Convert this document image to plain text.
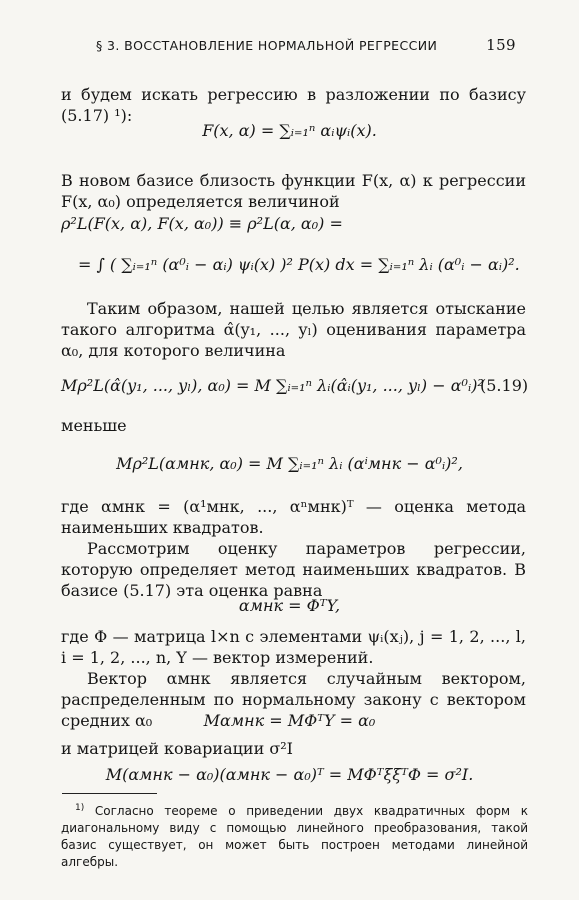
§ 3. ВОССТАНОВЛЕНИЕ НОРМАЛЬНОЙ РЕГРЕССИИ	159
и будем искать регрессию в разложении по базису (5.17) ¹):
F(x, α) = ∑ᵢ₌₁ⁿ αᵢψᵢ(x).
В новом базисе близость функции F(x, α) к регрессии F(x, α₀) определяется величиной
ρ²L(F(x, α), F(x, α₀)) ≡ ρ²L(α, α₀) =
= ∫ ( ∑ᵢ₌₁ⁿ (α⁰ᵢ − αᵢ) ψᵢ(x) )² P(x) dx = ∑ᵢ₌₁ⁿ λᵢ (α⁰ᵢ − αᵢ)².
Таким образом, нашей целью является отыскание такого алгоритма α̂(y₁, ..., yₗ) оценивания параметра α₀, для которого величина
Mρ²L(α̂(y₁, ..., yₗ), α₀) = M ∑ᵢ₌₁ⁿ λᵢ(α̂ᵢ(y₁, ..., yₗ) − α⁰ᵢ)²
(5.19)
меньше
Mρ²L(αмнк, α₀) = M ∑ᵢ₌₁ⁿ λᵢ (αⁱмнк − α⁰ᵢ)²,
где αмнк = (α¹мнк, ..., αⁿмнк)ᵀ — оценка метода наименьших квадратов.
Рассмотрим оценку параметров регрессии, которую определяет метод наименьших квадратов. В базисе (5.17) эта оценка равна
αмнк = ΦᵀY,
где Φ — матрица l×n с элементами ψᵢ(xⱼ), j = 1, 2, ..., l, i = 1, 2, ..., n, Y — вектор измерений.
Вектор αмнк является случайным вектором, распределенным по нормальному закону с вектором средних α₀	Mαмнк = MΦᵀY = α₀
и матрицей ковариации σ²I
M(αмнк − α₀)(αмнк − α₀)ᵀ = MΦᵀξξᵀΦ = σ²I.
$^{1)}$ Согласно теореме о приведении двух квадратичных форм к диагональному виду с помощью линейного преобразования, такой базис существует, он может быть построен методами линейной алгебры.
